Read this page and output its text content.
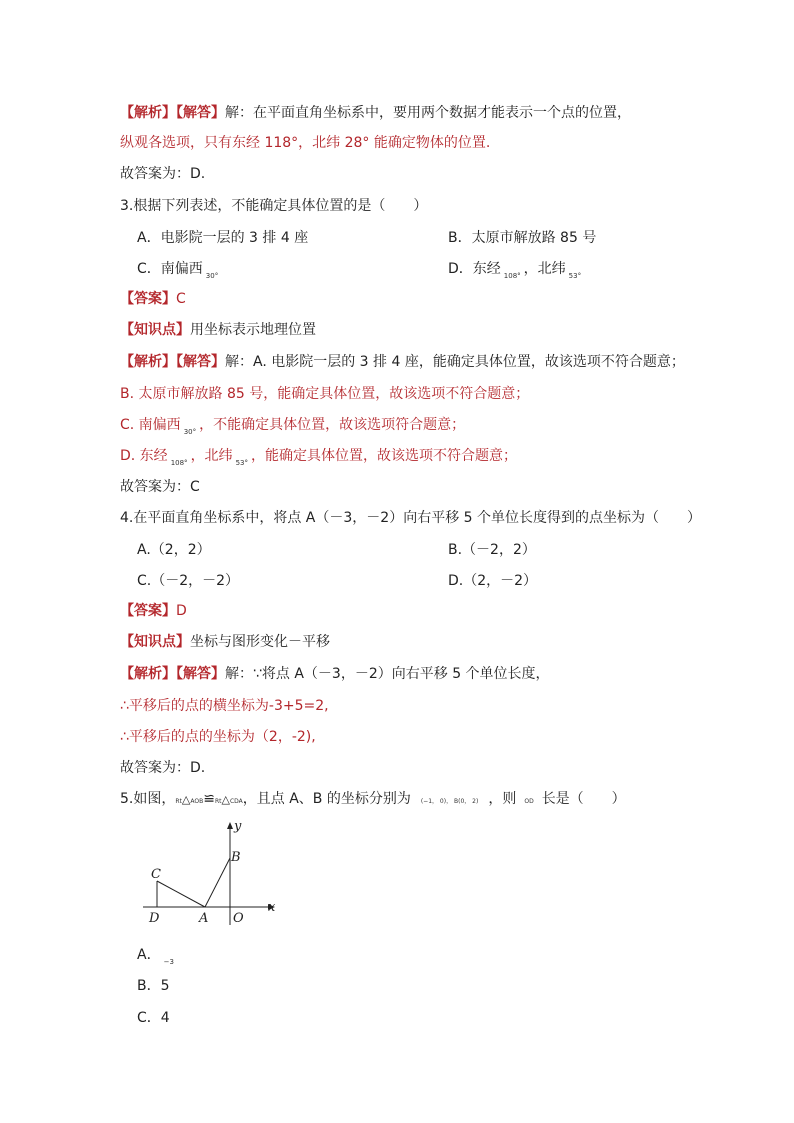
【解析】【解答】解：在平面直角坐标系中，要用两个数据才能表示一个点的位置，
纵观各选项，只有东经 118°，北纬 28° 能确定物体的位置.
故答案为：D.
3.根据下列表述，不能确定具体位置的是（　　）
A．电影院一层的 3 排 4 座	B．太原市解放路 85 号
C．南偏西 $_{30^\circ}$	D．东经 $_{108^\circ}$ ，北纬 $_{53^\circ}$
【答案】C
【知识点】用坐标表示地理位置
【解析】【解答】解：A. 电影院一层的 3 排 4 座，能确定具体位置，故该选项不符合题意；
B. 太原市解放路 85 号，能确定具体位置，故该选项不符合题意；
C. 南偏西 $_{30^\circ}$ ，不能确定具体位置，故该选项符合题意；
D. 东经 $_{108^\circ}$ ，北纬 $_{53^\circ}$ ，能确定具体位置，故该选项不符合题意；
故答案为：C
4.在平面直角坐标系中，将点 A（－3，－2）向右平移 5 个单位长度得到的点坐标为（　　）
A.（2，2）	B.（－2，2）
C.（－2，－2）	D.（2，－2）
【答案】D
【知识点】坐标与图形变化－平移
【解析】【解答】解：∵将点 A（－3，－2）向右平移 5 个单位长度，
∴平移后的点的横坐标为-3+5=2,
∴平移后的点的坐标为（2，-2),
故答案为：D.
5.如图，Rt△AOB≌Rt△CDA，且点 A、B 的坐标分别为 (−1， 0)， B(0， 2) ，则 OD 长是（　　）
y
x
B
C
D	A O
A． $_{-3}$
B．5
C．4
